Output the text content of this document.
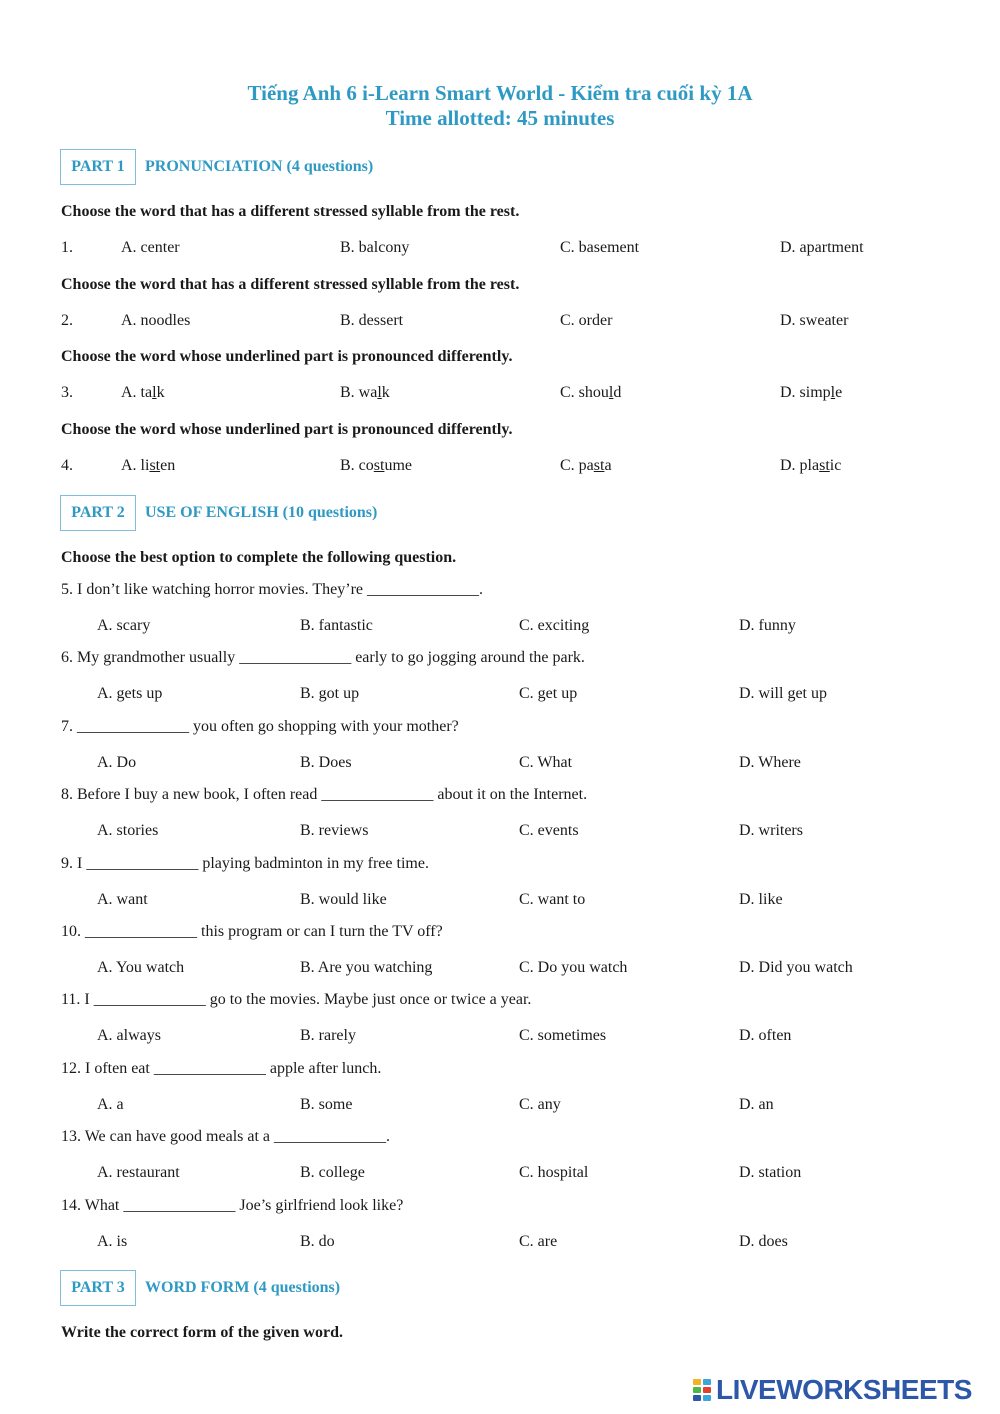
Tiếng Anh 6 i-Learn Smart World - Kiểm tra cuối kỳ 1A
Time allotted: 45 minutes
PART 1	PRONUNCIATION (4 questions)
Choose the word that has a different stressed syllable from the rest.
1.	A. center	B. balcony	C. basement	D. apartment
Choose the word that has a different stressed syllable from the rest.
2.	A. noodles	B. dessert	C. order	D. sweater
Choose the word whose underlined part is pronounced differently.
3.	A. talk	B. walk	C. should	D. simple
Choose the word whose underlined part is pronounced differently.
4.	A. listen	B. costume	C. pasta	D. plastic
PART 2	USE OF ENGLISH (10 questions)
Choose the best option to complete the following question.
5. I don’t like watching horror movies. They’re ______________.
A. scary	B. fantastic	C. exciting	D. funny
6. My grandmother usually ______________ early to go jogging around the park.
A. gets up	B. got up	C. get up	D. will get up
7. ______________ you often go shopping with your mother?
A. Do	B. Does	C. What	D. Where
8. Before I buy a new book, I often read ______________ about it on the Internet.
A. stories	B. reviews	C. events	D. writers
9. I ______________ playing badminton in my free time.
A. want	B. would like	C. want to	D. like
10. ______________ this program or can I turn the TV off?
A. You watch	B. Are you watching	C. Do you watch	D. Did you watch
11. I ______________ go to the movies. Maybe just once or twice a year.
A. always	B. rarely	C. sometimes	D. often
12. I often eat ______________ apple after lunch.
A. a	B. some	C. any	D. an
13. We can have good meals at a ______________.
A. restaurant	B. college	C. hospital	D. station
14. What ______________ Joe’s girlfriend look like?
A. is	B. do	C. are	D. does
PART 3	WORD FORM (4 questions)
Write the correct form of the given word.
LIVEWORKSHEETS
